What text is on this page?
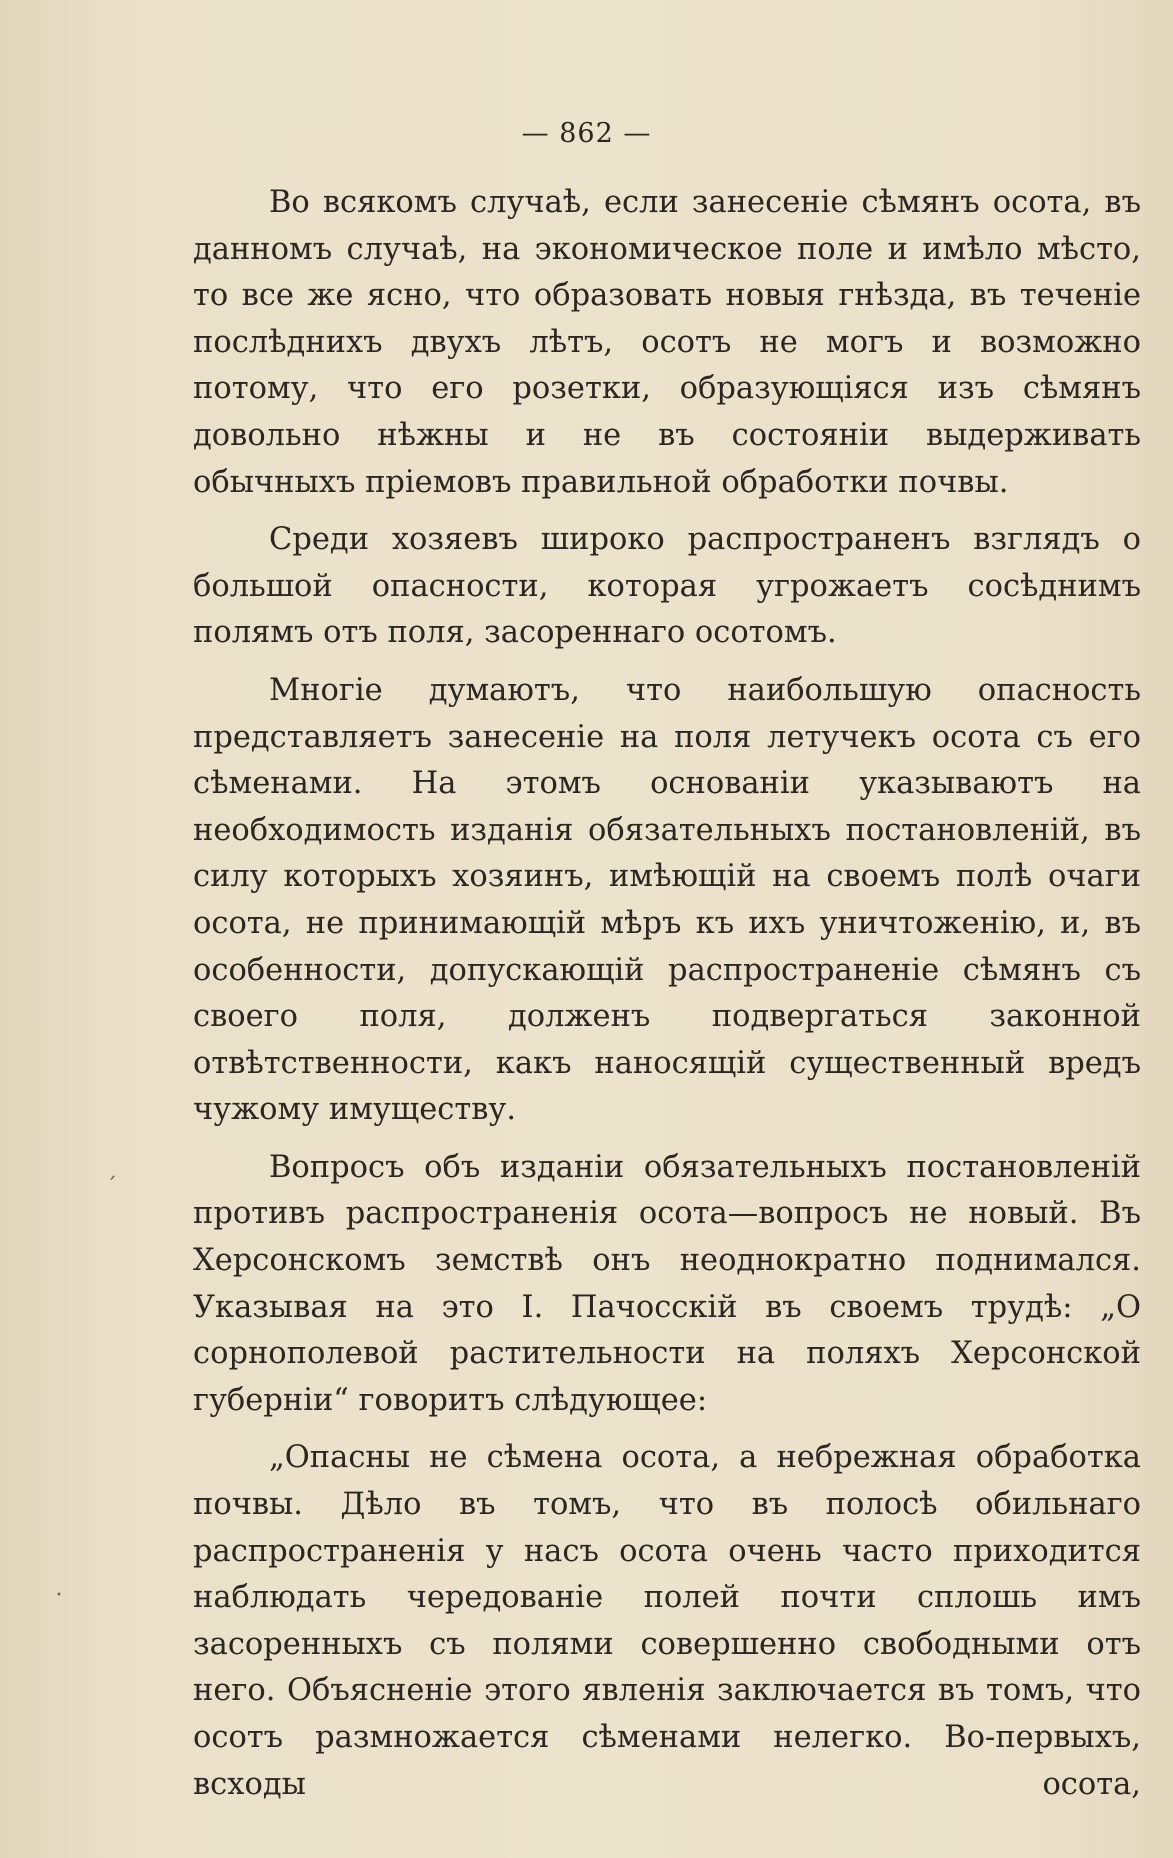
— 862 —

Во всякомъ случаѣ, если занесеніе сѣмянъ осота, въ данномъ случаѣ, на экономическое поле и имѣло мѣсто, то все же ясно, что образовать новыя гнѣзда, въ теченіе послѣднихъ двухъ лѣтъ, осотъ не могъ и возможно потому, что его розетки, образующіяся изъ сѣмянъ довольно нѣжны и не въ состояніи выдерживать обычныхъ пріемовъ правильной обработки почвы.

Среди хозяевъ широко распространенъ взглядъ о большой опасности, которая угрожаетъ сосѣднимъ полямъ отъ поля, засореннаго осотомъ.

Многіе думаютъ, что наибольшую опасность представляетъ занесеніе на поля летучекъ осота съ его сѣменами. На этомъ основаніи указываютъ на необходимость изданія обязательныхъ постановленій, въ силу которыхъ хозяинъ, имѣющій на своемъ полѣ очаги осота, не принимающій мѣръ къ ихъ уничтоженію, и, въ особенности, допускающій распространеніе сѣмянъ съ своего поля, долженъ подвергаться законной отвѣтственности, какъ наносящій существенный вредъ чужому имуществу.

Вопросъ объ изданіи обязательныхъ постановленій противъ распространенія осота—вопросъ не новый. Въ Херсонскомъ земствѣ онъ неоднократно поднимался. Указывая на это І. Пачосскій въ своемъ трудѣ: „О сорнополевой растительности на поляхъ Херсонской губерніи“ говоритъ слѣдующее:

„Опасны не сѣмена осота, а небрежная обработка почвы. Дѣло въ томъ, что въ полосѣ обильнаго распространенія у насъ осота очень часто приходится наблюдать чередованіе полей почти сплошь имъ засоренныхъ съ полями совершенно свободными отъ него. Объясненіе этого явленія заключается въ томъ, что осотъ размножается сѣменами нелегко. Во-первыхъ, всходы осота,

´
•
